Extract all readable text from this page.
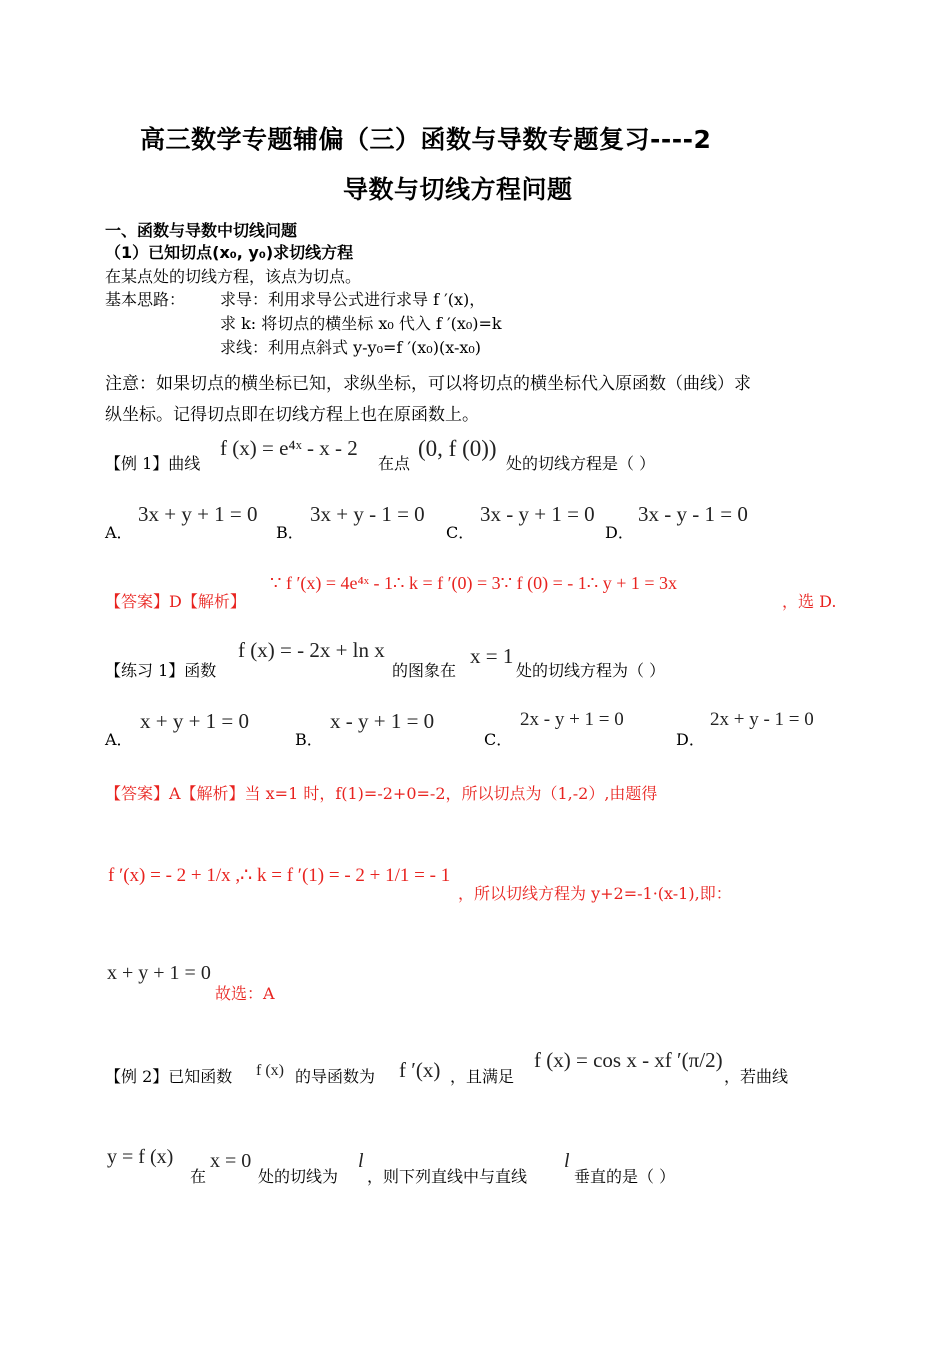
高三数学专题辅偏（三）函数与导数专题复习----2
导数与切线方程问题
一、函数与导数中切线问题
（1）已知切点(x₀, y₀)求切线方程
在某点处的切线方程，该点为切点。
基本思路： 求导：利用求导公式进行求导 f ′(x)，
求 k: 将切点的横坐标 x₀ 代入 f ′(x₀)=k
求线：利用点斜式 y-y₀=f ′(x₀)(x-x₀)
注意：如果切点的横坐标已知，求纵坐标，可以将切点的横坐标代入原函数（曲线）求
纵坐标。记得切点即在切线方程上也在原函数上。
【例 1】曲线
f (x) = e⁴ˣ - x - 2
在点
(0, f (0))
处的切线方程是（ ）
A．
3x + y + 1 = 0
B．
3x + y - 1 = 0
C．
3x - y + 1 = 0
D．
3x - y - 1 = 0
【答案】D【解析】
∵ f ′(x) = 4e⁴ˣ - 1∴ k = f ′(0) = 3∵ f (0) = - 1∴ y + 1 = 3x
，选 D.
【练习 1】函数
f (x) = - 2x + ln x
的图象在
x = 1
处的切线方程为（ ）
A．
x + y + 1 = 0
B．
x - y + 1 = 0
C．
2x - y + 1 = 0
D．
2x + y - 1 = 0
【答案】A【解析】当 x=1 时，f(1)=-2+0=-2，所以切点为（1,-2）,由题得
f ′(x) = - 2 + 1/x ,∴ k = f ′(1) = - 2 + 1/1 = - 1
，所以切线方程为 y+2=-1·(x-1),即：
x + y + 1 = 0
故选：A
【例 2】已知函数 f (x) 的导函数为 f ′(x) ，且满足
f (x) = cos x - xf ′(π/2)
，若曲线
y = f (x)
在
x = 0
处的切线为
l
，则下列直线中与直线
l
垂直的是（ ）
